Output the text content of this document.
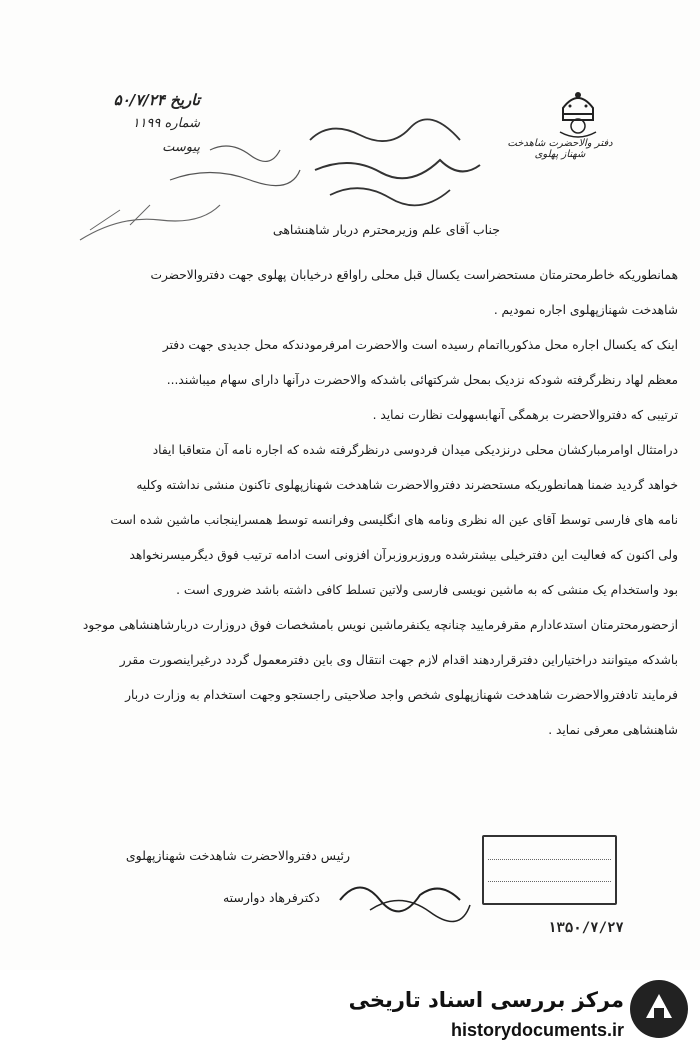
دفتر والاحضرت شاهدخت شهناز پهلوی
تاریخ ۵۰/۷/۲۴
شماره ۱۱۹۹
پیوست
جناب آقای علم وزیرمحترم دربار شاهنشاهی

همانطوریکه خاطرمحترمتان مستحضراست یکسال قبل محلی راواقع درخیابان پهلوی جهت دفتروالاحضرت

شاهدخت شهنازپهلوی اجاره نمودیم .

اینک که یکسال اجاره محل مذکوربااتمام رسیده است والاحضرت امرفرمودندکه محل جدیدی جهت دفتر

معظم لهاد رنظرگرفته شودکه نزدیک بمحل شرکتهائی باشدکه والاحضرت درآنها دارای سهام میباشند...

ترتیبی که دفتروالاحضرت برهمگی آنهابسهولت نظارت نماید .

درامتثال اوامرمبارکشان محلی درنزدیکی میدان فردوسی درنظرگرفته شده که اجاره نامه آن متعاقبا ایفاد

خواهد گردید ضمنا همانطوریکه مستحضرند دفتروالاحضرت شاهدخت شهنازپهلوی تاکنون منشی نداشته وکلیه

نامه های فارسی توسط آقای عین اله نظری ونامه های انگلیسی وفرانسه توسط همسراینجانب ماشین شده است

ولی اکنون که فعالیت این دفترخیلی بیشترشده وروزبروزبرآن افزونی است ادامه ترتیب فوق دیگرمیسرنخواهد

بود واستخدام یک منشی که به ماشین نویسی فارسی ولاتین تسلط کافی داشته باشد ضروری است .

ازحضورمحترمتان استدعادارم مقرفرمایید چنانچه یکنفرماشین نویس بامشخصات فوق دروزارت دربارشاهنشاهی موجود

باشدکه میتوانند دراختیاراین دفترقراردهند اقدام لازم جهت انتقال وی باین دفترمعمول گردد درغیراینصورت مقرر

فرمایند تادفتروالاحضرت شاهدخت شهنازپهلوی شخص واجد صلاحیتی راجستجو وجهت استخدام به وزارت دربار

شاهنشاهی معرفی نماید .

رئیس دفتروالاحضرت شاهدخت شهنازپهلوی
دکترفرهاد دوارسته
۱۳۵۰/۷/۲۷
مرکز بررسی اسناد تاریخی
historydocuments.ir
